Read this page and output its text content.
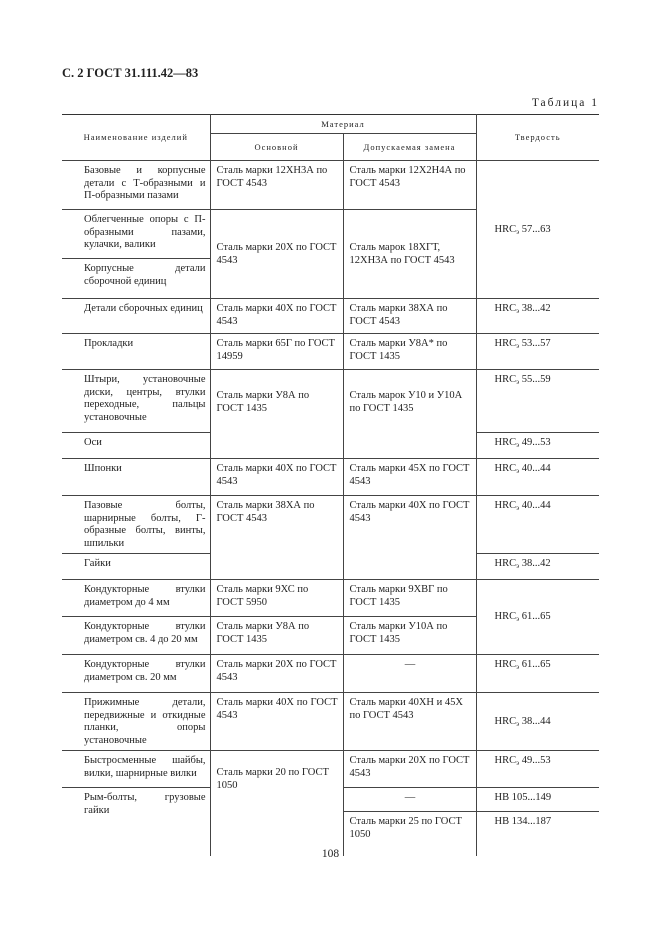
С. 2 ГОСТ 31.111.42—83
Таблица 1
Наименование изделий	Материал		Твердость
	Основной	Допускаемая замена	
Базовые и корпусные детали с Т-образными и П-образными пазами	Сталь марки 12ХН3А по ГОСТ 4543	Сталь марки 12Х2Н4А по ГОСТ 4543	$HRC_э$ 57...63
Облегченные опоры с П-образными пазами, кулачки, валики	Сталь марки 20Х по ГОСТ 4543	Сталь марок 18ХГТ, 12ХН3А по ГОСТ 4543	
Корпусные детали сборочной единиц			
Детали сборочных единиц	Сталь марки 40Х по ГОСТ 4543	Сталь марки 38ХА по ГОСТ 4543	$HRC_э$ 38...42
Прокладки	Сталь марки 65Г по ГОСТ 14959	Сталь марки У8А* по ГОСТ 1435	$HRC_э$ 53...57
Штыри, установочные диски, центры, втулки переходные, пальцы установочные	Сталь марки У8А по ГОСТ 1435	Сталь марок У10 и У10А по ГОСТ 1435	$HRC_э$ 55...59
Оси			$HRC_э$ 49...53
Шпонки	Сталь марки 40Х по ГОСТ 4543	Сталь марки 45Х по ГОСТ 4543	$HRC_э$ 40...44
Пазовые болты, шарнирные болты, Г-образные болты, винты, шпильки	Сталь марки 38ХА по ГОСТ 4543	Сталь марки 40Х по ГОСТ 4543	$HRC_э$ 40...44
Гайки			$HRC_э$ 38...42
Кондукторные втулки диаметром до 4 мм	Сталь марки 9ХС по ГОСТ 5950	Сталь марки 9ХВГ по ГОСТ 1435	$HRC_э$ 61...65
Кондукторные втулки диаметром св. 4 до 20 мм	Сталь марки У8А по ГОСТ 1435	Сталь марки У10А по ГОСТ 1435	
Кондукторные втулки диаметром св. 20 мм	Сталь марки 20Х по ГОСТ 4543	—	$HRC_э$ 61...65
Прижимные детали, передвижные и откидные планки, опоры установочные	Сталь марки 40Х по ГОСТ 4543	Сталь марки 40ХН и 45Х по ГОСТ 4543	$HRC_э$ 38...44
Быстросменные шайбы, вилки, шарнирные вилки	Сталь марки 20 по ГОСТ 1050	Сталь марки 20Х по ГОСТ 4543	$HRC_э$ 49...53
Рым-болты, грузовые гайки		—	HB 105...149
		Сталь марки 25 по ГОСТ 1050	HB 134...187
108
